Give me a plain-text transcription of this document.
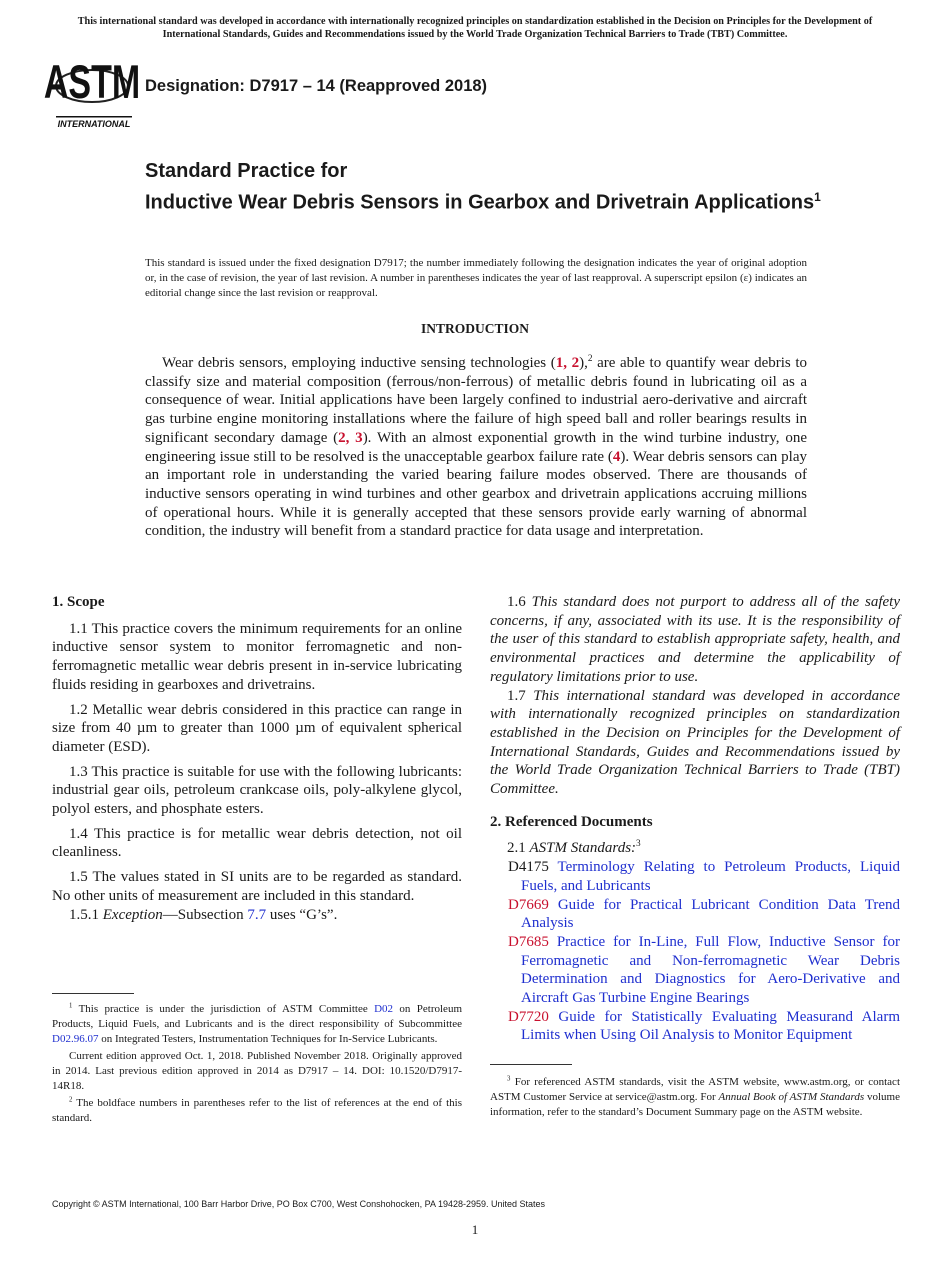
This international standard was developed in accordance with internationally recognized principles on standardization established in the Decision on Principles for the Development of International Standards, Guides and Recommendations issued by the World Trade Organization Technical Barriers to Trade (TBT) Committee.
ASTM
INTERNATIONAL
Designation: D7917 – 14 (Reapproved 2018)
Standard Practice for
Inductive Wear Debris Sensors in Gearbox and Drivetrain Applications$^1$
This standard is issued under the fixed designation D7917; the number immediately following the designation indicates the year of original adoption or, in the case of revision, the year of last revision. A number in parentheses indicates the year of last reapproval. A superscript epsilon (ε) indicates an editorial change since the last revision or reapproval.
INTRODUCTION
Wear debris sensors, employing inductive sensing technologies (1, 2),$^2$ are able to quantify wear debris to classify size and material composition (ferrous/non-ferrous) of metallic debris found in lubricating oil as a consequence of wear. Initial applications have been largely confined to industrial aero-derivative and aircraft gas turbine engine monitoring installations where the failure of high speed ball and roller bearings results in significant secondary damage (2, 3). With an almost exponential growth in the wind turbine industry, one engineering issue still to be resolved is the unacceptable gearbox failure rate (4). Wear debris sensors can play an important role in understanding the varied bearing failure modes observed. There are thousands of inductive sensors operating in wind turbines and other gearbox and drivetrain applications accruing millions of operational hours. While it is generally accepted that these sensors provide early warning of abnormal condition, the industry will benefit from a standard practice for data usage and interpretation.
1. Scope

1.1 This practice covers the minimum requirements for an online inductive sensor system to monitor ferromagnetic and non-ferromagnetic metallic wear debris present in in-service lubricating fluids residing in gearboxes and drivetrains.

1.2 Metallic wear debris considered in this practice can range in size from 40 µm to greater than 1000 µm of equivalent spherical diameter (ESD).

1.3 This practice is suitable for use with the following lubricants: industrial gear oils, petroleum crankcase oils, poly-alkylene glycol, polyol esters, and phosphate esters.

1.4 This practice is for metallic wear debris detection, not oil cleanliness.

1.5 The values stated in SI units are to be regarded as standard. No other units of measurement are included in this standard.

1.5.1 Exception—Subsection 7.7 uses “G’s”.

1.6 This standard does not purport to address all of the safety concerns, if any, associated with its use. It is the responsibility of the user of this standard to establish appropriate safety, health, and environmental practices and determine the applicability of regulatory limitations prior to use.

1.7 This international standard was developed in accordance with internationally recognized principles on standardization established in the Decision on Principles for the Development of International Standards, Guides and Recommendations issued by the World Trade Organization Technical Barriers to Trade (TBT) Committee.

2. Referenced Documents

2.1 ASTM Standards:$^3$

D4175 Terminology Relating to Petroleum Products, Liquid Fuels, and Lubricants
D7669 Guide for Practical Lubricant Condition Data Trend Analysis
D7685 Practice for In-Line, Full Flow, Inductive Sensor for Ferromagnetic and Non-ferromagnetic Wear Debris Determination and Diagnostics for Aero-Derivative and Aircraft Gas Turbine Engine Bearings
D7720 Guide for Statistically Evaluating Measurand Alarm Limits when Using Oil Analysis to Monitor Equipment

$^1$ This practice is under the jurisdiction of ASTM Committee D02 on Petroleum Products, Liquid Fuels, and Lubricants and is the direct responsibility of Subcommittee D02.96.07 on Integrated Testers, Instrumentation Techniques for In-Service Lubricants.

Current edition approved Oct. 1, 2018. Published November 2018. Originally approved in 2014. Last previous edition approved in 2014 as D7917 – 14. DOI: 10.1520/D7917-14R18.

$^2$ The boldface numbers in parentheses refer to the list of references at the end of this standard.

$^3$ For referenced ASTM standards, visit the ASTM website, www.astm.org, or contact ASTM Customer Service at service@astm.org. For Annual Book of ASTM Standards volume information, refer to the standard’s Document Summary page on the ASTM website.

Copyright © ASTM International, 100 Barr Harbor Drive, PO Box C700, West Conshohocken, PA 19428-2959. United States
1
